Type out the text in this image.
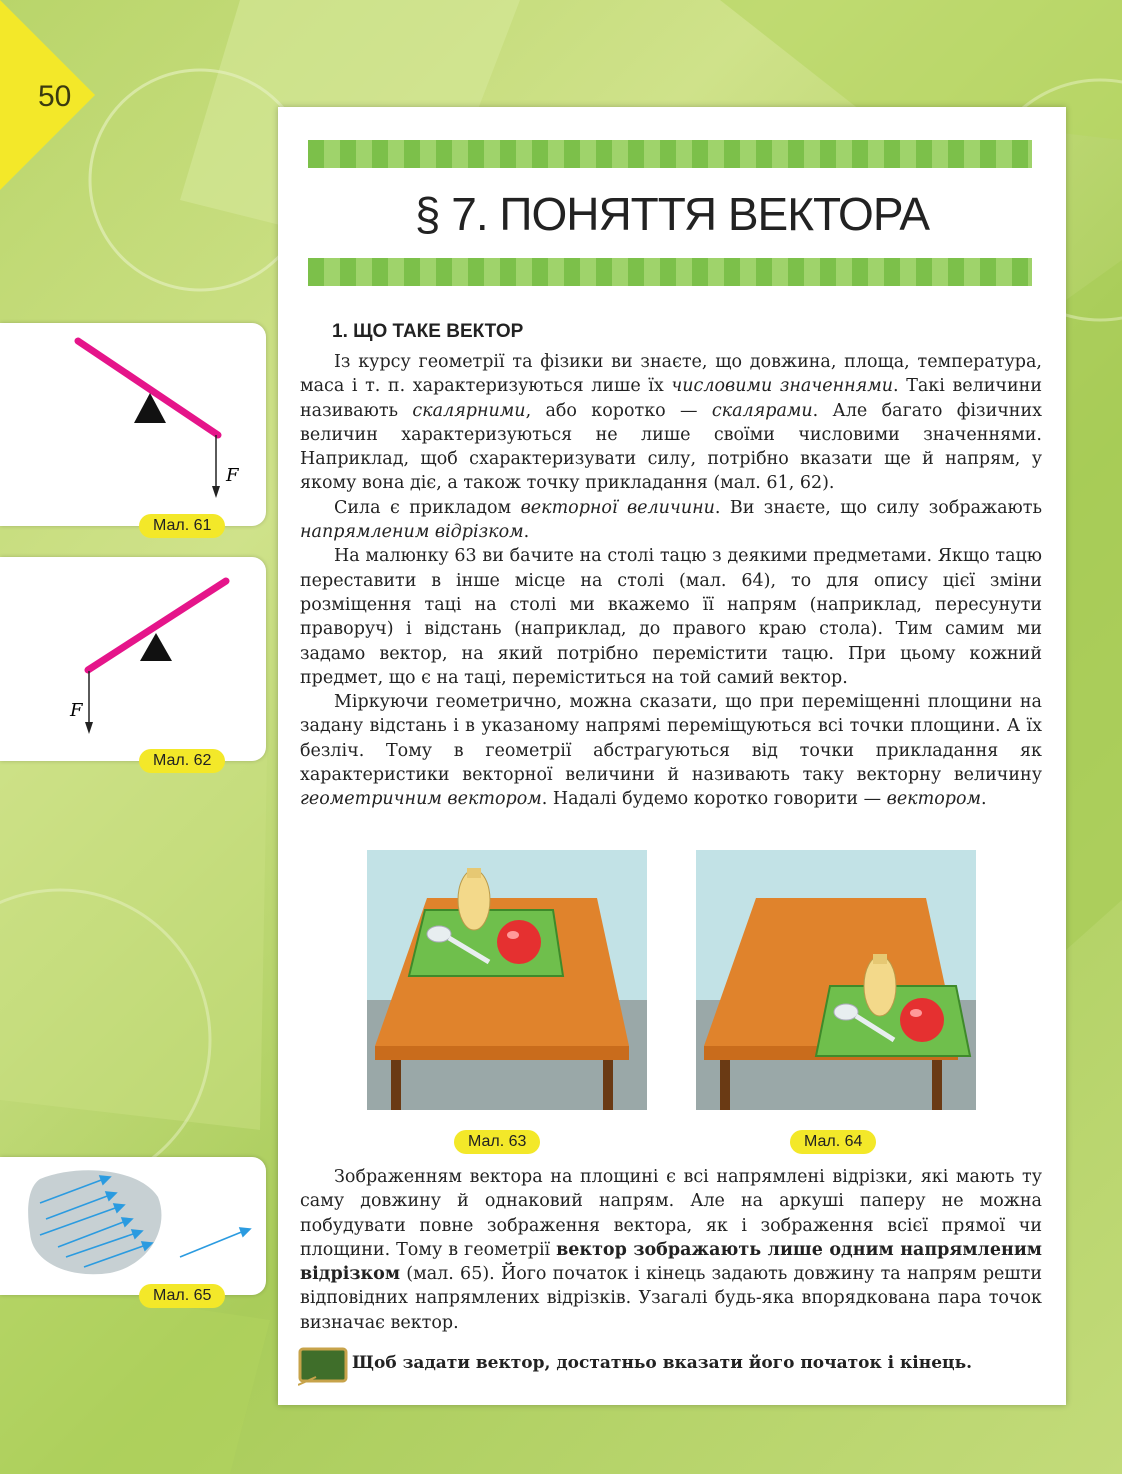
50
§ 7. ПОНЯТТЯ ВЕКТОРА
1. ЩО ТАКЕ ВЕКТОР

Із курсу геометрії та фізики ви знаєте, що довжина, площа, температура, маса і т. п. характеризуються лише їх числовими значеннями. Такі величини називають скалярними, або коротко — скалярами. Але багато фізичних величин характеризуються не лише своїми числовими значеннями. Наприклад, щоб схарактеризувати силу, потрібно вказати ще й напрям, у якому вона діє, а також точку прикладання (мал. 61, 62).

Сила є прикладом векторної величини. Ви знаєте, що силу зображають напрямленим відрізком.

На малюнку 63 ви бачите на столі тацю з деякими предметами. Якщо тацю переставити в інше місце на столі (мал. 64), то для опису цієї зміни розміщення таці на столі ми вкажемо її напрям (наприклад, пересунути праворуч) і відстань (наприклад, до правого краю стола). Тим самим ми задамо вектор, на який потрібно перемістити тацю. При цьому кожний предмет, що є на таці, переміститься на той самий вектор.

Міркуючи геометрично, можна сказати, що при переміщенні площини на задану відстань і в указаному напрямі переміщуються всі точки площини. А їх безліч. Тому в геометрії абстрагуються від точки прикладання як характеристики векторної величини й називають таку векторну величину геометричним вектором. Надалі будемо коротко говорити — вектором.

Мал. 63	Мал. 64

Зображенням вектора на площині є всі напрямлені відрізки, які мають ту саму довжину й однаковий напрям. Але на аркуші паперу не можна побудувати повне зображення вектора, як і зображення всієї прямої чи площини. Тому в геометрії вектор зображають лише одним напрямленим відрізком (мал. 65). Його початок і кінець задають довжину та напрям решти відповідних напрямлених відрізків. Узагалі будь-яка впорядкована пара точок визначає вектор.

Щоб задати вектор, достатньо вказати його початок і кінець.
F
Мал. 61
F
Мал. 62
Мал. 65
